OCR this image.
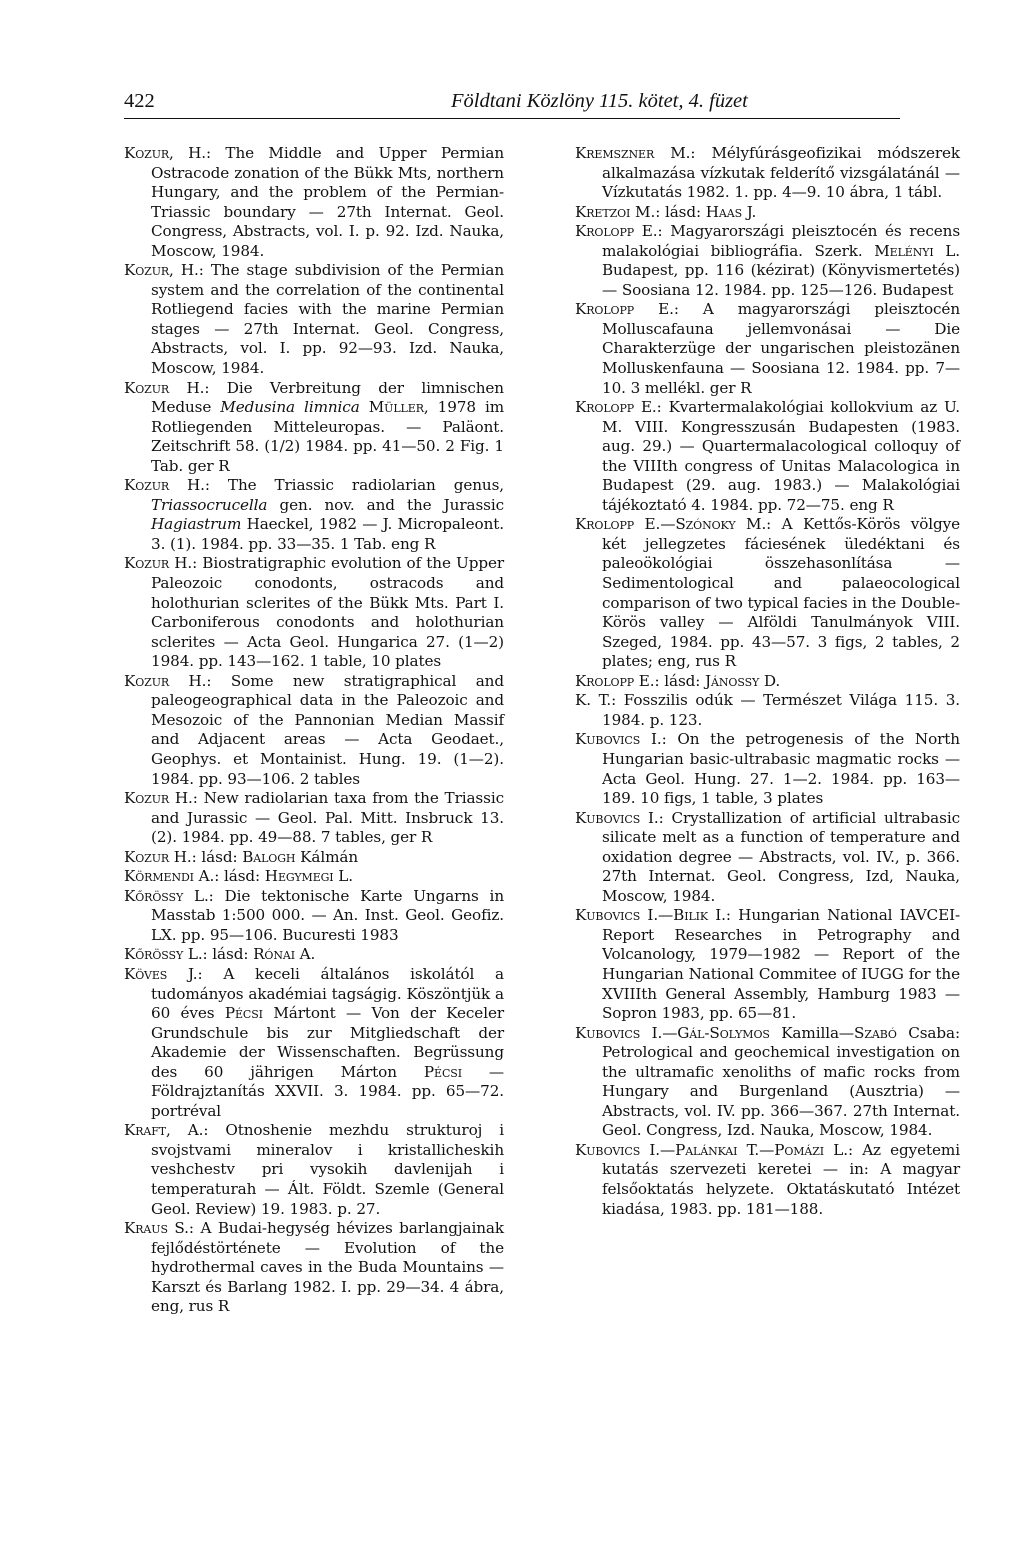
422	Földtani Közlöny 115. kötet, 4. füzet

Kozur, H.: The Middle and Upper Permian Ostracode zonation of the Bükk Mts, northern Hungary, and the problem of the Permian-Triassic boundary — 27th Internat. Geol. Congress, Abstracts, vol. I. p. 92. Izd. Nauka, Moscow, 1984.

Kozur, H.: The stage subdivision of the Permian system and the correlation of the continental Rotliegend facies with the marine Permian stages — 27th Internat. Geol. Congress, Abstracts, vol. I. pp. 92—93. Izd. Nauka, Moscow, 1984.

Kozur H.: Die Verbreitung der limnischen Meduse Medusina limnica Müller, 1978 im Rotliegenden Mitteleuropas. — Paläont. Zeitschrift 58. (1/2) 1984. pp. 41—50. 2 Fig. 1 Tab. ger R

Kozur H.: The Triassic radiolarian genus, Triassocrucella gen. nov. and the Jurassic Hagiastrum Haeckel, 1982 — J. Micropaleont. 3. (1). 1984. pp. 33—35. 1 Tab. eng R

Kozur H.: Biostratigraphic evolution of the Upper Paleozoic conodonts, ostracods and holothurian sclerites of the Bükk Mts. Part I. Carboniferous conodonts and holothurian sclerites — Acta Geol. Hungarica 27. (1—2) 1984. pp. 143—162. 1 table, 10 plates

Kozur H.: Some new stratigraphical and paleogeographical data in the Paleozoic and Mesozoic of the Pannonian Median Massif and Adjacent areas — Acta Geodaet., Geophys. et Montainist. Hung. 19. (1—2). 1984. pp. 93—106. 2 tables

Kozur H.: New radiolarian taxa from the Triassic and Jurassic — Geol. Pal. Mitt. Insbruck 13. (2). 1984. pp. 49—88. 7 tables, ger R

Kozur H.: lásd: Balogh Kálmán

Körmendi A.: lásd: Hegymegi L.

Kőrössy L.: Die tektonische Karte Ungarns in Masstab 1:500 000. — An. Inst. Geol. Geofiz. LX. pp. 95—106. Bucuresti 1983

Kőrössy L.: lásd: Rónai A.

Köves J.: A keceli általános iskolától a tudományos akadémiai tagságig. Köszöntjük a 60 éves Pécsi Mártont — Von der Keceler Grundschule bis zur Mitgliedschaft der Akademie der Wissenschaften. Begrüssung des 60 jährigen Márton Pécsi — Földrajztanítás XXVII. 3. 1984. pp. 65—72. portréval

Kraft, A.: Otnoshenie mezhdu strukturoj i svojstvami mineralov i kristallicheskih veshchestv pri vysokih davlenijah i temperaturah — Ált. Földt. Szemle (General Geol. Review) 19. 1983. p. 27.

Kraus S.: A Budai-hegység hévizes barlangjainak fejlődéstörténete — Evolution of the hydrothermal caves in the Buda Mountains — Karszt és Barlang 1982. I. pp. 29—34. 4 ábra, eng, rus R

Kremszner M.: Mélyfúrásgeofizikai módszerek alkalmazása vízkutak felderítő vizsgálatánál — Vízkutatás 1982. 1. pp. 4—9. 10 ábra, 1 tábl.

Kretzoi M.: lásd: Haas J.

Krolopp E.: Magyarországi pleisztocén és recens malakológiai bibliográfia. Szerk. Melényi L. Budapest, pp. 116 (kézirat) (Könyvismertetés) — Soosiana 12. 1984. pp. 125—126. Budapest

Krolopp E.: A magyarországi pleisztocén Molluscafauna jellemvonásai — Die Charakterzüge der ungarischen pleistozänen Molluskenfauna — Soosiana 12. 1984. pp. 7—10. 3 mellékl. ger R

Krolopp E.: Kvartermalakológiai kollokvium az U. M. VIII. Kongresszusán Budapesten (1983. aug. 29.) — Quartermalacological colloquy of the VIIIth congress of Unitas Malacologica in Budapest (29. aug. 1983.) — Malakológiai tájékoztató 4. 1984. pp. 72—75. eng R

Krolopp E.—Szónoky M.: A Kettős-Körös völgye két jellegzetes fáciesének üledéktani és paleoökológiai összehasonlítása — Sedimentological and palaeocological comparison of two typical facies in the Double-Körös valley — Alföldi Tanulmányok VIII. Szeged, 1984. pp. 43—57. 3 figs, 2 tables, 2 plates; eng, rus R

Krolopp E.: lásd: Jánossy D.

K. T.: Fosszilis odúk — Természet Világa 115. 3. 1984. p. 123.

Kubovics I.: On the petrogenesis of the North Hungarian basic-ultrabasic magmatic rocks — Acta Geol. Hung. 27. 1—2. 1984. pp. 163—189. 10 figs, 1 table, 3 plates

Kubovics I.: Crystallization of artificial ultrabasic silicate melt as a function of temperature and oxidation degree — Abstracts, vol. IV., p. 366. 27th Internat. Geol. Congress, Izd, Nauka, Moscow, 1984.

Kubovics I.—Bilik I.: Hungarian National IAVCEI-Report Researches in Petrography and Volcanology, 1979—1982 — Report of the Hungarian National Commitee of IUGG for the XVIIIth General Assembly, Hamburg 1983 — Sopron 1983, pp. 65—81.

Kubovics I.—Gál-Solymos Kamilla—Szabó Csaba: Petrological and geochemical investigation on the ultramafic xenoliths of mafic rocks from Hungary and Burgenland (Ausztria) — Abstracts, vol. IV. pp. 366—367. 27th Internat. Geol. Congress, Izd. Nauka, Moscow, 1984.

Kubovics I.—Palánkai T.—Pomázi L.: Az egyetemi kutatás szervezeti keretei — in: A magyar felsőoktatás helyzete. Oktatáskutató Intézet kiadása, 1983. pp. 181—188.
